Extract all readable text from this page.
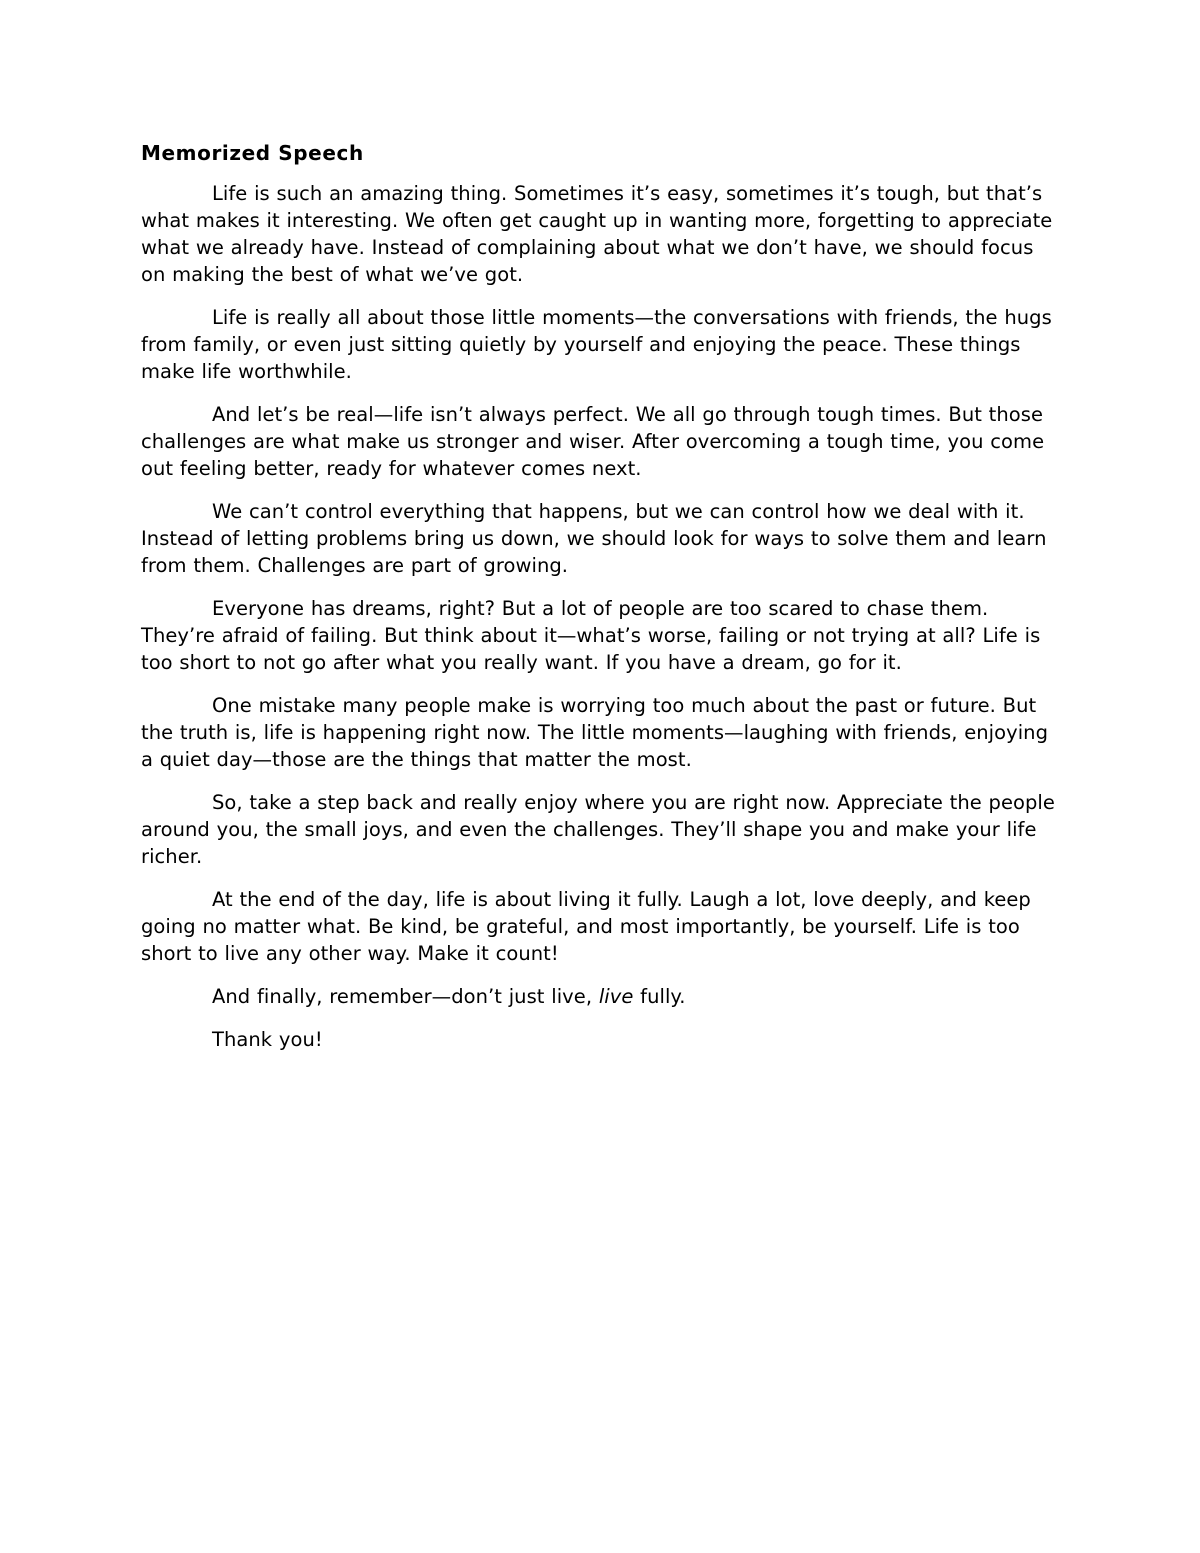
Memorized Speech

Life is such an amazing thing. Sometimes it’s easy, sometimes it’s tough, but that’s what makes it interesting. We often get caught up in wanting more, forgetting to appreciate what we already have. Instead of complaining about what we don’t have, we should focus on making the best of what we’ve got.

Life is really all about those little moments—the conversations with friends, the hugs from family, or even just sitting quietly by yourself and enjoying the peace. These things make life worthwhile.

And let’s be real—life isn’t always perfect. We all go through tough times. But those challenges are what make us stronger and wiser. After overcoming a tough time, you come out feeling better, ready for whatever comes next.

We can’t control everything that happens, but we can control how we deal with it. Instead of letting problems bring us down, we should look for ways to solve them and learn from them. Challenges are part of growing.

Everyone has dreams, right? But a lot of people are too scared to chase them. They’re afraid of failing. But think about it—what’s worse, failing or not trying at all? Life is too short to not go after what you really want. If you have a dream, go for it.

One mistake many people make is worrying too much about the past or future. But the truth is, life is happening right now. The little moments—laughing with friends, enjoying a quiet day—those are the things that matter the most.

So, take a step back and really enjoy where you are right now. Appreciate the people around you, the small joys, and even the challenges. They’ll shape you and make your life richer.

At the end of the day, life is about living it fully. Laugh a lot, love deeply, and keep going no matter what. Be kind, be grateful, and most importantly, be yourself. Life is too short to live any other way. Make it count!

And finally, remember—don’t just live, live fully.

Thank you!
